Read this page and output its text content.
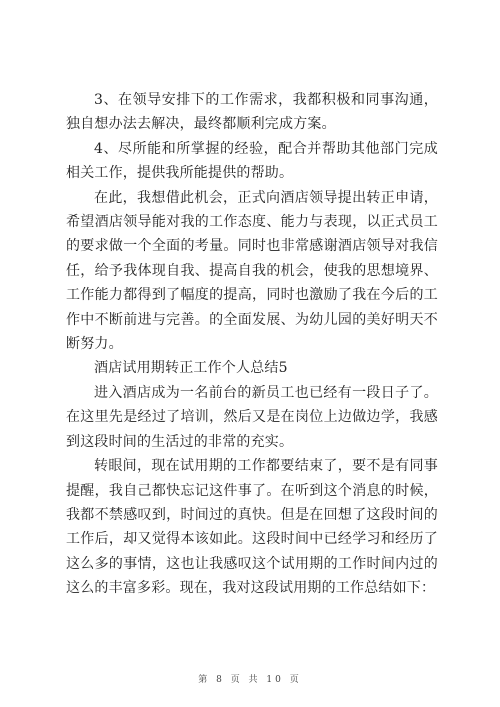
3、在领导安排下的工作需求，我都积极和同事沟通，独自想办法去解决，最终都顺利完成方案。

4、尽所能和所掌握的经验，配合并帮助其他部门完成相关工作，提供我所能提供的帮助。

在此，我想借此机会，正式向酒店领导提出转正申请，希望酒店领导能对我的工作态度、能力与表现，以正式员工的要求做一个全面的考量。同时也非常感谢酒店领导对我信任，给予我体现自我、提高自我的机会，使我的思想境界、工作能力都得到了幅度的提高，同时也激励了我在今后的工作中不断前进与完善。的全面发展、为幼儿园的美好明天不断努力。

酒店试用期转正工作个人总结5

进入酒店成为一名前台的新员工也已经有一段日子了。在这里先是经过了培训，然后又是在岗位上边做边学，我感到这段时间的生活过的非常的充实。

转眼间，现在试用期的工作都要结束了，要不是有同事提醒，我自己都快忘记这件事了。在听到这个消息的时候，我都不禁感叹到，时间过的真快。但是在回想了这段时间的工作后，却又觉得本该如此。这段时间中已经学习和经历了这么多的事情，这也让我感叹这个试用期的工作时间内过的这么的丰富多彩。现在，我对这段试用期的工作总结如下：

第 8 页 共 10 页
